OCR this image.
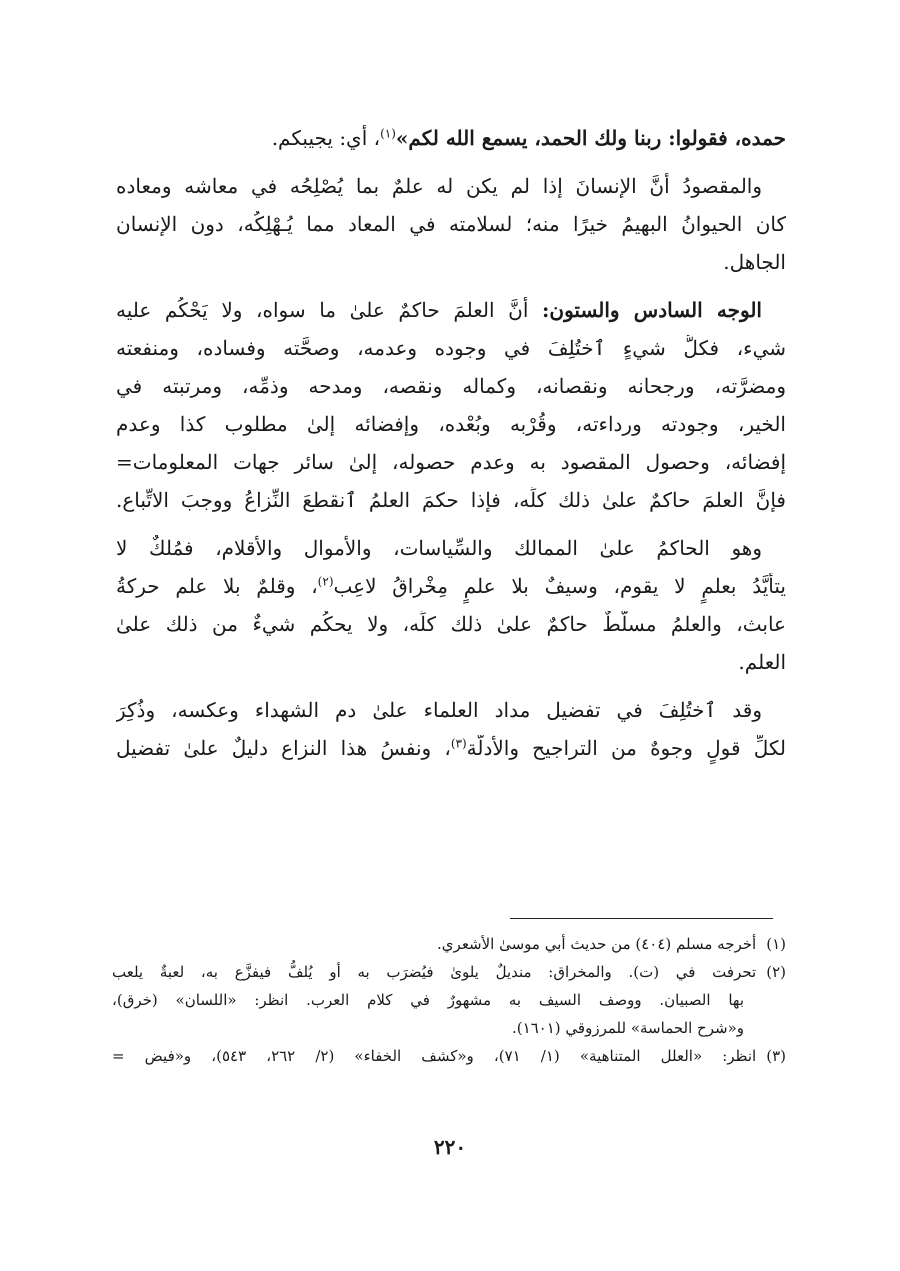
حمده، فقولوا: ربنا ولك الحمد، يسمع الله لكم»$^{(١)}$، أي: يجيبكم.
والمقصودُ أنَّ الإنسانَ إذا لم يكن له علمٌ بما يُصْلِحُه في معاشه ومعاده
كان الحيوانُ البهيمُ خيرًا منه؛ لسلامته في المعاد مما يُـهْلِكُه، دون الإنسان
الجاهل.
الوجه السادس والستون: أنَّ العلمَ حاكمٌ علىٰ ما سواه، ولا يَحْكُم عليه
شيء، فكلُّ شيءٍ ٱختُلِفَ في وجوده وعدمه، وصحَّته وفساده، ومنفعته
ومضرَّته، ورجحانه ونقصانه، وكماله ونقصه، ومدحه وذمِّه، ومرتبته في
الخير، وجودته ورداءته، وقُرْبه وبُعْده، وإفضائه إلىٰ مطلوب كذا وعدم
إفضائه، وحصول المقصود به وعدم حصوله، إلىٰ سائر جهات المعلومات=
فإنَّ العلمَ حاكمٌ علىٰ ذلك كلِّه، فإذا حكمَ العلمُ ٱنقطعَ النِّزاعُ ووجبَ الاتِّباع.
وهو الحاكمُ علىٰ الممالك والسِّياسات، والأموال والأقلام، فمُلكٌ لا
يتأيَّدُ بعلمٍ لا يقوم، وسيفٌ بلا علمٍ مِخْراقُ لاعِب$^{(٢)}$، وقلمٌ بلا علم حركةُ
عابث، والعلمُ مسلَّطٌ حاكمٌ علىٰ ذلك كلِّه، ولا يحكُم شيءٌ من ذلك علىٰ
العلم.
وقد ٱختُلِفَ في تفضيل مداد العلماء علىٰ دم الشهداء وعكسه، وذُكِرَ
لكلِّ قولٍ وجوهٌ من التراجيح والأدلَّة$^{(٣)}$، ونفسُ هذا النزاع دليلٌ علىٰ تفضيل
(١)أخرجه مسلم (٤٠٤) من حديث أبي موسىٰ الأشعري.
(٢)تحرفت في (ت). والمخراق: منديلٌ يلوىٰ فيُضرَب به أو يُلفُّ فيفزَّع به، لعبةٌ يلعب
بها الصبيان. ووصف السيف به مشهورٌ في كلام العرب. انظر: «اللسان» (خرق)،
و«شرح الحماسة» للمرزوقي (١٦٠١).
(٣)انظر: «العلل المتناهية» (١/ ٧١)، و«كشف الخفاء» (٢/ ٢٦٢، ٥٤٣)، و«فيض =
٢٢٠
